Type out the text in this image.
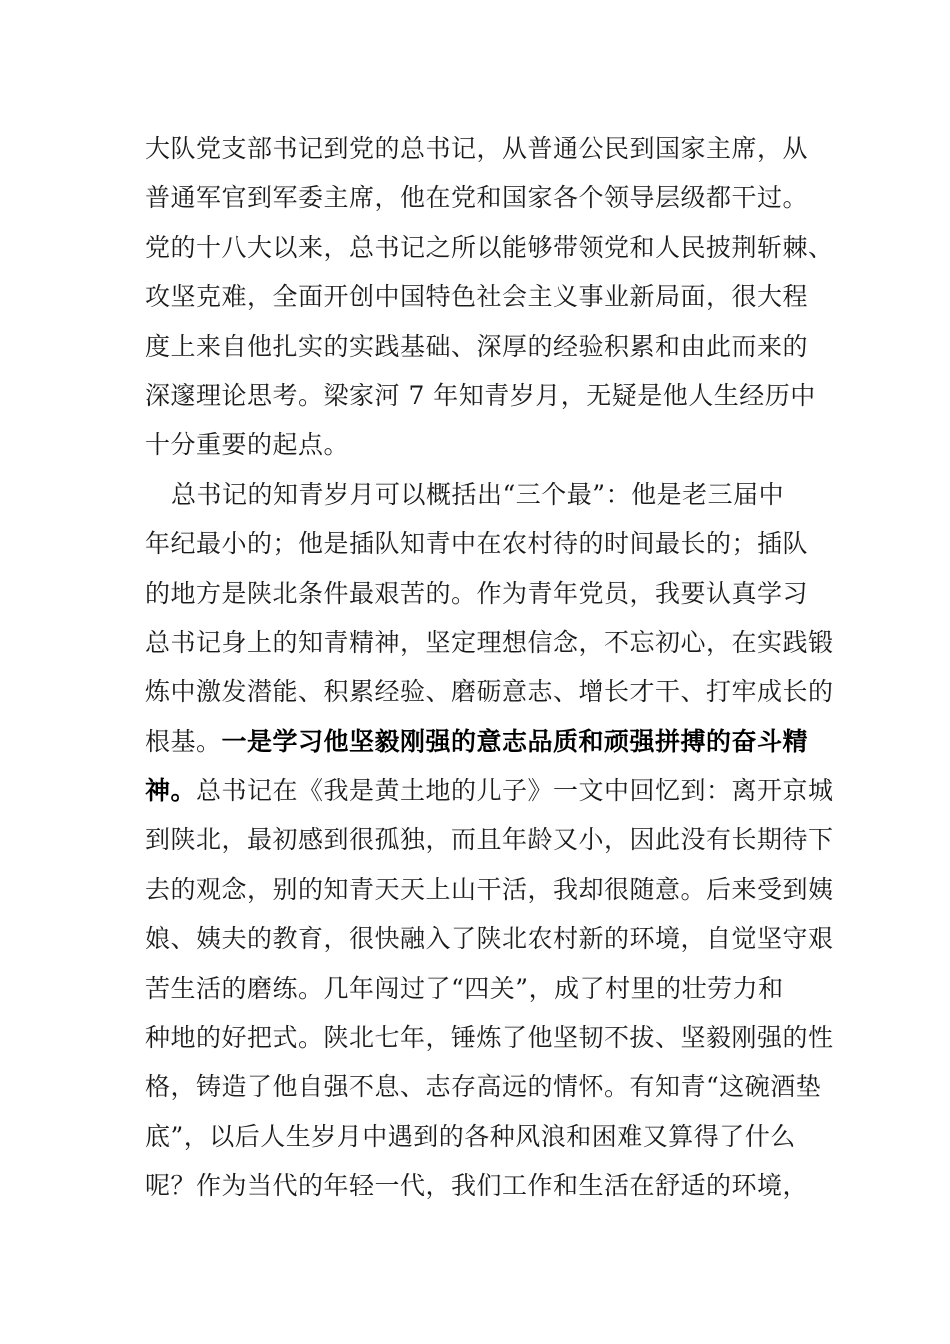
大队党支部书记到党的总书记，从普通公民到国家主席，从
普通军官到军委主席，他在党和国家各个领导层级都干过。
党的十八大以来，总书记之所以能够带领党和人民披荆斩棘、
攻坚克难，全面开创中国特色社会主义事业新局面，很大程
度上来自他扎实的实践基础、深厚的经验积累和由此而来的
深邃理论思考。梁家河 7 年知青岁月，无疑是他人生经历中
十分重要的起点。
总书记的知青岁月可以概括出“三个最”：他是老三届中
年纪最小的；他是插队知青中在农村待的时间最长的；插队
的地方是陕北条件最艰苦的。作为青年党员，我要认真学习
总书记身上的知青精神，坚定理想信念，不忘初心，在实践锻
炼中激发潜能、积累经验、磨砺意志、增长才干、打牢成长的
根基。一是学习他坚毅刚强的意志品质和顽强拼搏的奋斗精
神。总书记在《我是黄土地的儿子》一文中回忆到：离开京城
到陕北，最初感到很孤独，而且年龄又小，因此没有长期待下
去的观念，别的知青天天上山干活，我却很随意。后来受到姨
娘、姨夫的教育，很快融入了陕北农村新的环境，自觉坚守艰
苦生活的磨练。几年闯过了“四关”，成了村里的壮劳力和
种地的好把式。陕北七年，锤炼了他坚韧不拔、坚毅刚强的性
格，铸造了他自强不息、志存高远的情怀。有知青“这碗酒垫
底”，以后人生岁月中遇到的各种风浪和困难又算得了什么
呢？作为当代的年轻一代，我们工作和生活在舒适的环境，
